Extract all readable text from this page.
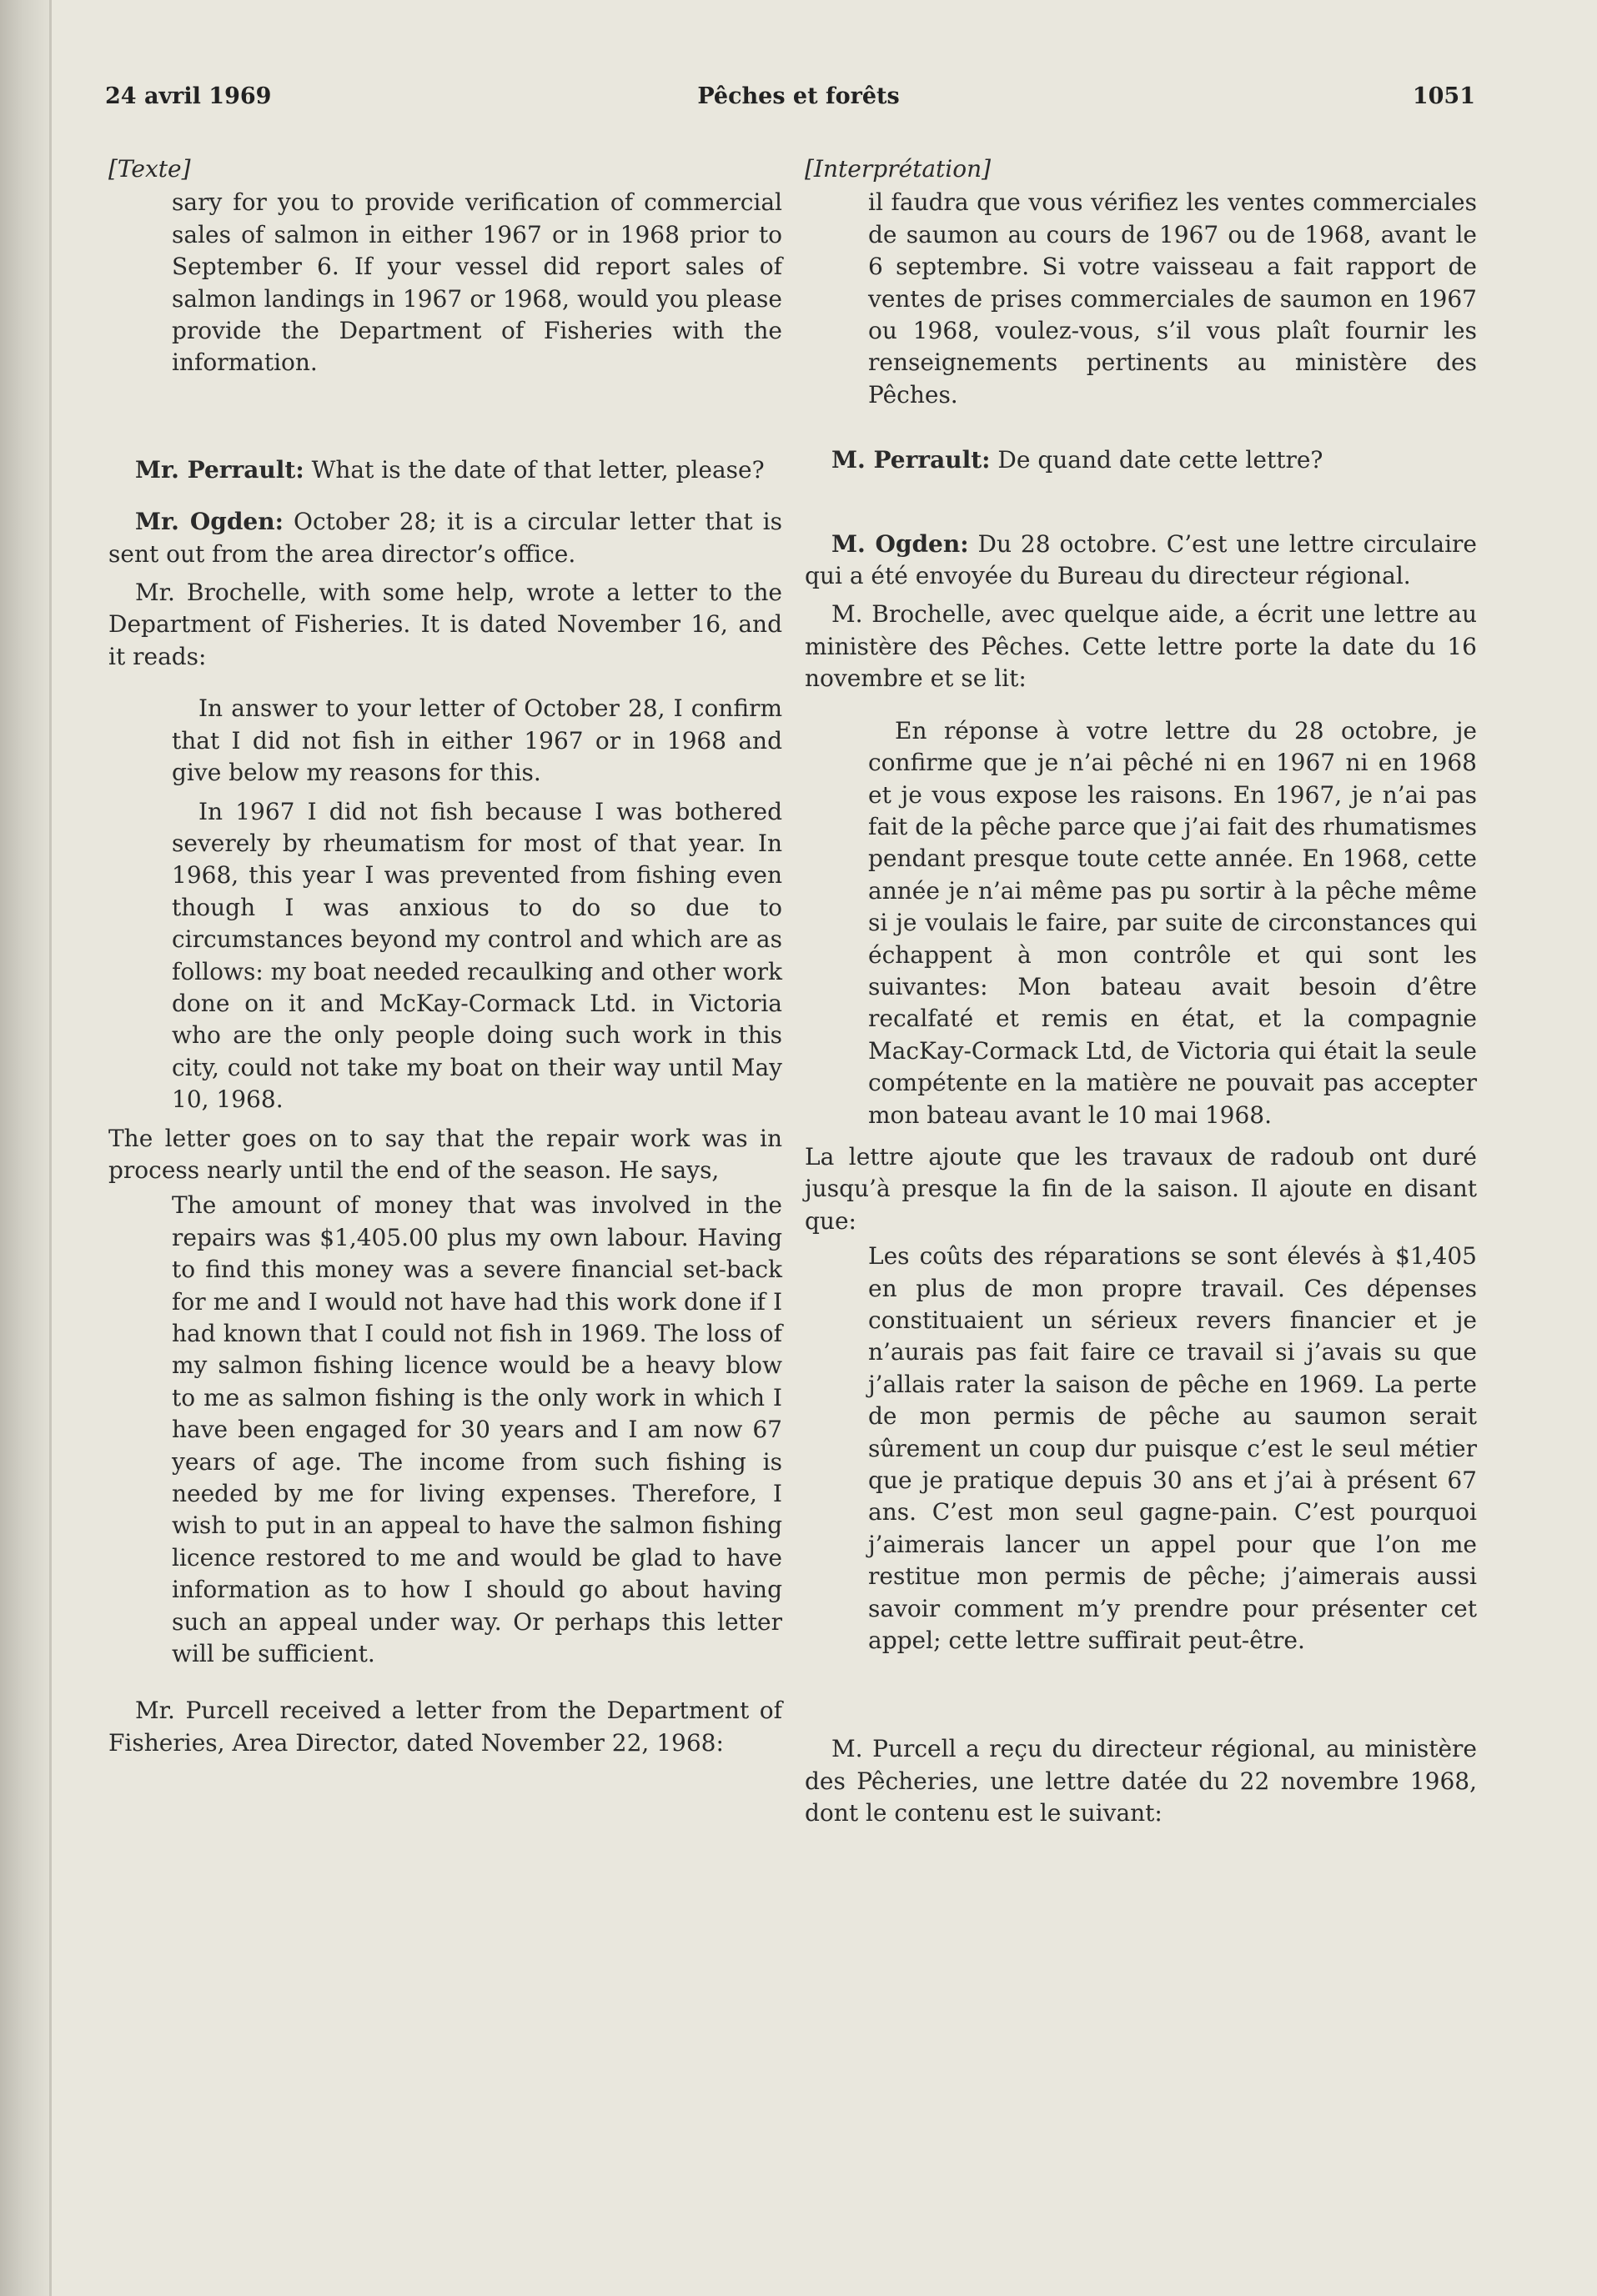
24 avril 1969	Pêches et forêts	1051
[Texte]

sary for you to provide verification of commercial sales of salmon in either 1967 or in 1968 prior to September 6. If your vessel did report sales of salmon landings in 1967 or 1968, would you please provide the Department of Fisheries with the information.

Mr. Perrault: What is the date of that letter, please?

Mr. Ogden: October 28; it is a circular letter that is sent out from the area director’s office.

Mr. Brochelle, with some help, wrote a letter to the Department of Fisheries. It is dated November 16, and it reads:

In answer to your letter of October 28, I confirm that I did not fish in either 1967 or in 1968 and give below my reasons for this.

In 1967 I did not fish because I was bothered severely by rheumatism for most of that year. In 1968, this year I was prevented from fishing even though I was anxious to do so due to circumstances beyond my control and which are as follows: my boat needed recaulking and other work done on it and McKay-Cormack Ltd. in Victoria who are the only people doing such work in this city, could not take my boat on their way until May 10, 1968.

The letter goes on to say that the repair work was in process nearly until the end of the season. He says,

The amount of money that was involved in the repairs was $1,405.00 plus my own labour. Having to find this money was a severe financial set-back for me and I would not have had this work done if I had known that I could not fish in 1969. The loss of my salmon fishing licence would be a heavy blow to me as salmon fishing is the only work in which I have been engaged for 30 years and I am now 67 years of age. The income from such fishing is needed by me for living expenses. Therefore, I wish to put in an appeal to have the salmon fishing licence restored to me and would be glad to have information as to how I should go about having such an appeal under way. Or perhaps this letter will be sufficient.

Mr. Purcell received a letter from the Department of Fisheries, Area Director, dated November 22, 1968:

[Interprétation]

il faudra que vous vérifiez les ventes commerciales de saumon au cours de 1967 ou de 1968, avant le 6 septembre. Si votre vaisseau a fait rapport de ventes de prises commerciales de saumon en 1967 ou 1968, voulez-vous, s’il vous plaît fournir les renseignements pertinents au ministère des Pêches.

M. Perrault: De quand date cette lettre?

M. Ogden: Du 28 octobre. C’est une lettre circulaire qui a été envoyée du Bureau du directeur régional.

M. Brochelle, avec quelque aide, a écrit une lettre au ministère des Pêches. Cette lettre porte la date du 16 novembre et se lit:

En réponse à votre lettre du 28 octobre, je confirme que je n’ai pêché ni en 1967 ni en 1968 et je vous expose les raisons. En 1967, je n’ai pas fait de la pêche parce que j’ai fait des rhumatismes pendant presque toute cette année. En 1968, cette année je n’ai même pas pu sortir à la pêche même si je voulais le faire, par suite de circonstances qui échappent à mon contrôle et qui sont les suivantes: Mon bateau avait besoin d’être recalfaté et remis en état, et la compagnie MacKay-Cormack Ltd, de Victoria qui était la seule compétente en la matière ne pouvait pas accepter mon bateau avant le 10 mai 1968.

La lettre ajoute que les travaux de radoub ont duré jusqu’à presque la fin de la saison. Il ajoute en disant que:

Les coûts des réparations se sont élevés à $1,405 en plus de mon propre travail. Ces dépenses constituaient un sérieux revers financier et je n’aurais pas fait faire ce travail si j’avais su que j’allais rater la saison de pêche en 1969. La perte de mon permis de pêche au saumon serait sûrement un coup dur puisque c’est le seul métier que je pratique depuis 30 ans et j’ai à présent 67 ans. C’est mon seul gagne-pain. C’est pourquoi j’aimerais lancer un appel pour que l’on me restitue mon permis de pêche; j’aimerais aussi savoir comment m’y prendre pour présenter cet appel; cette lettre suffirait peut-être.

M. Purcell a reçu du directeur régional, au ministère des Pêcheries, une lettre datée du 22 novembre 1968, dont le contenu est le suivant:
